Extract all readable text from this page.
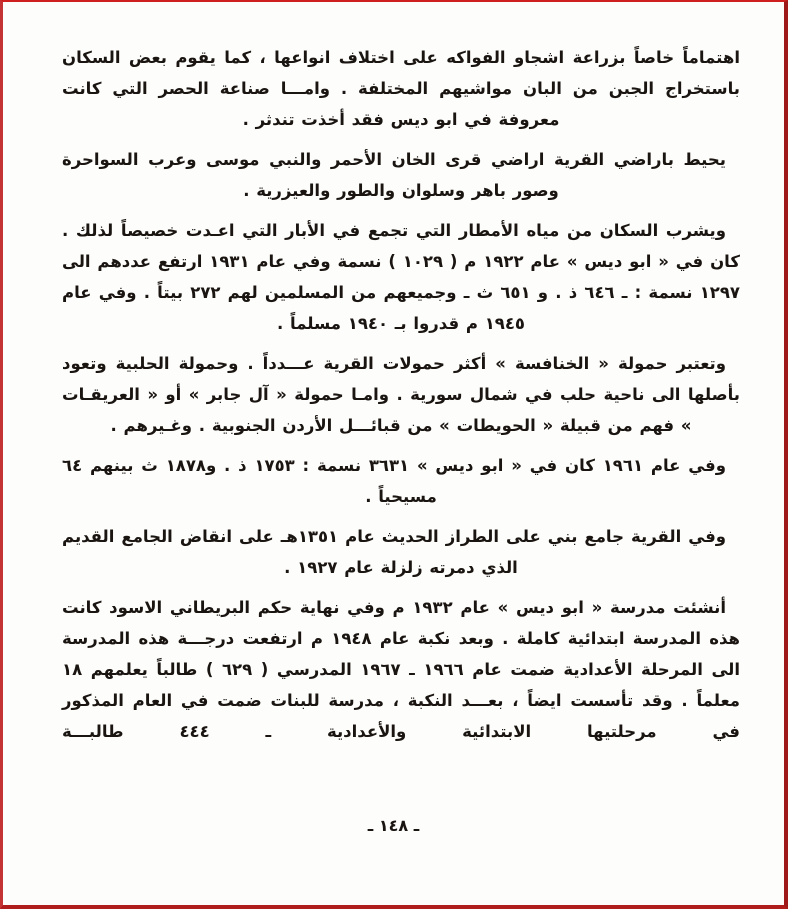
اهتماماً خاصاً بزراعة اشجاو الفواكه على اختلاف انواعها ، كما يقوم بعض السكان باستخراج الجبن من البان مواشيهم المختلفة . وامـــا صناعة الحصر التي كانت معروفة في ابو ديس فقد أخذت تندثر .

يحيط باراضي القرية اراضي قرى الخان الأحمر والنبي موسى وعرب السواحرة وصور باهر وسلوان والطور والعيزرية .

ويشرب السكان من مياه الأمطار التي تجمع في الأبار التي اعـدت خصيصاً لذلك . كان في « ابو ديس » عام ١٩٢٢ م ( ١٠٢٩ ) نسمة وفي عام ١٩٣١ ارتفع عددهم الى ١٢٩٧ نسمة : ـ ٦٤٦ ذ . و ٦٥١ ث ـ وجميعهم من المسلمين لهم ٢٧٢ بيتاً . وفي عام ١٩٤٥ م قدروا بـ ١٩٤٠ مسلماً .

وتعتبر حمولة « الخنافسة » أكثر حمولات القرية عـــدداً . وحمولة الحلبية وتعود بأصلها الى ناحية حلب في شمال سورية . وامـا حمولة « آل جابر » أو « العريقـات » فهم من قبيلة « الحويطات » من قبائـــل الأردن الجنوبية . وغـيرهم .

وفي عام ١٩٦١ كان في « ابو ديس » ٣٦٣١ نسمة : ١٧٥٣ ذ . و١٨٧٨ ث بينهم ٦٤ مسيحياً .

وفي القرية جامع بني على الطراز الحديث عام ١٣٥١هـ على انقاض الجامع القديم الذي دمرته زلزلة عام ١٩٢٧ .

أنشئت مدرسة « ابو ديس » عام ١٩٣٢ م وفي نهاية حكم البريطاني الاسود كانت هذه المدرسة ابتدائية كاملة . وبعد نكبة عام ١٩٤٨ م ارتفعت درجـــة هذه المدرسة الى المرحلة الأعدادية ضمت عام ١٩٦٦ ـ ١٩٦٧ المدرسي ( ٦٢٩ ) طالباً يعلمهم ١٨ معلماً . وقد تأسست ايضاً ، بعـــد النكبة ، مدرسة للبنات ضمت في العام المذكور في مرحلتيها الابتدائية والأعدادية ـ ٤٤٤ طالبـــة

ـ ١٤٨ ـ
